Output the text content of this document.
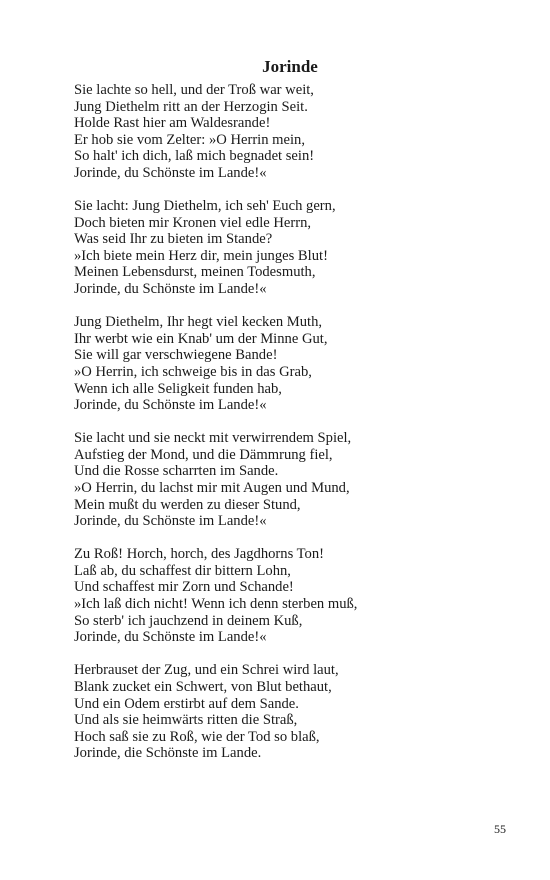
Jorinde
Sie lachte so hell, und der Troß war weit,
Jung Diethelm ritt an der Herzogin Seit.
Holde Rast hier am Waldesrande!
Er hob sie vom Zelter: »O Herrin mein,
So halt' ich dich, laß mich begnadet sein!
Jorinde, du Schönste im Lande!«
Sie lacht: Jung Diethelm, ich seh' Euch gern,
Doch bieten mir Kronen viel edle Herrn,
Was seid Ihr zu bieten im Stande?
»Ich biete mein Herz dir, mein junges Blut!
Meinen Lebensdurst, meinen Todesmuth,
Jorinde, du Schönste im Lande!«
Jung Diethelm, Ihr hegt viel kecken Muth,
Ihr werbt wie ein Knab' um der Minne Gut,
Sie will gar verschwiegene Bande!
»O Herrin, ich schweige bis in das Grab,
Wenn ich alle Seligkeit funden hab,
Jorinde, du Schönste im Lande!«
Sie lacht und sie neckt mit verwirrendem Spiel,
Aufstieg der Mond, und die Dämmrung fiel,
Und die Rosse scharrten im Sande.
»O Herrin, du lachst mir mit Augen und Mund,
Mein mußt du werden zu dieser Stund,
Jorinde, du Schönste im Lande!«
Zu Roß! Horch, horch, des Jagdhorns Ton!
Laß ab, du schaffest dir bittern Lohn,
Und schaffest mir Zorn und Schande!
»Ich laß dich nicht! Wenn ich denn sterben muß,
So sterb' ich jauchzend in deinem Kuß,
Jorinde, du Schönste im Lande!«
Herbrauset der Zug, und ein Schrei wird laut,
Blank zucket ein Schwert, von Blut bethaut,
Und ein Odem erstirbt auf dem Sande.
Und als sie heimwärts ritten die Straß,
Hoch saß sie zu Roß, wie der Tod so blaß,
Jorinde, die Schönste im Lande.
55
